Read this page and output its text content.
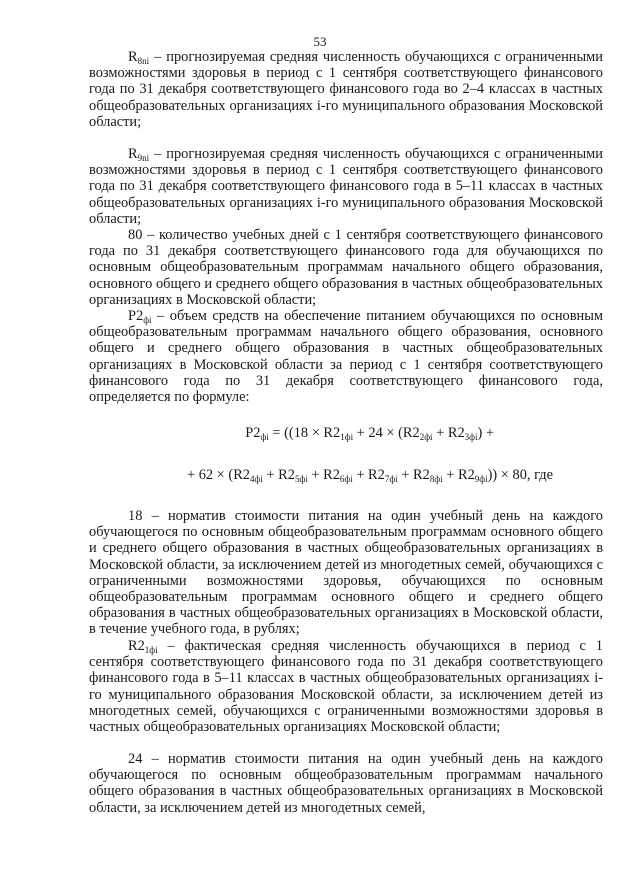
53
$R_{8ni}$ – прогнозируемая средняя численность обучающихся с ограниченными возможностями здоровья в период с 1 сентября соответствующего финансового года по 31 декабря соответствующего финансового года во 2–4 классах в частных общеобразовательных организациях i-го муниципального образования Московской области;
$R_{9ni}$ – прогнозируемая средняя численность обучающихся с ограниченными возможностями здоровья в период с 1 сентября соответствующего финансового года по 31 декабря соответствующего финансового года в 5–11 классах в частных общеобразовательных организациях i-го муниципального образования Московской области;
80 – количество учебных дней с 1 сентября соответствующего финансового года по 31 декабря соответствующего финансового года для обучающихся по основным общеобразовательным программам начального общего образования, основного общего и среднего общего образования в частных общеобразовательных организациях в Московской области;
$P2_{фi}$ – объем средств на обеспечение питанием обучающихся по основным общеобразовательным программам начального общего образования, основного общего и среднего общего образования в частных общеобразовательных организациях в Московской области за период с 1 сентября соответствующего финансового года по 31 декабря соответствующего финансового года, определяется по формуле:
$P2_{фi} = ((18 \times R2_{1фi} + 24 \times (R2_{2фi} + R2_{3фi})$ +
+ $62 \times (R2_{4фi} + R2_{5фi} + R2_{6фi} + R2_{7фi} + R2_{8фi} + R2_{9фi})) \times 80$, где
18 – норматив стоимости питания на один учебный день на каждого обучающегося по основным общеобразовательным программам основного общего и среднего общего образования в частных общеобразовательных организациях в Московской области, за исключением детей из многодетных семей, обучающихся с ограниченными возможностями здоровья, обучающихся по основным общеобразовательным программам основного общего и среднего общего образования в частных общеобразовательных организациях в Московской области, в течение учебного года, в рублях;
$R2_{1фi}$ – фактическая средняя численность обучающихся в период с 1 сентября соответствующего финансового года по 31 декабря соответствующего финансового года в 5–11 классах в частных общеобразовательных организациях i-го муниципального образования Московской области, за исключением детей из многодетных семей, обучающихся с ограниченными возможностями здоровья в частных общеобразовательных организациях Московской области;
24 – норматив стоимости питания на один учебный день на каждого обучающегося по основным общеобразовательным программам начального общего образования в частных общеобразовательных организациях в Московской области, за исключением детей из многодетных семей,
